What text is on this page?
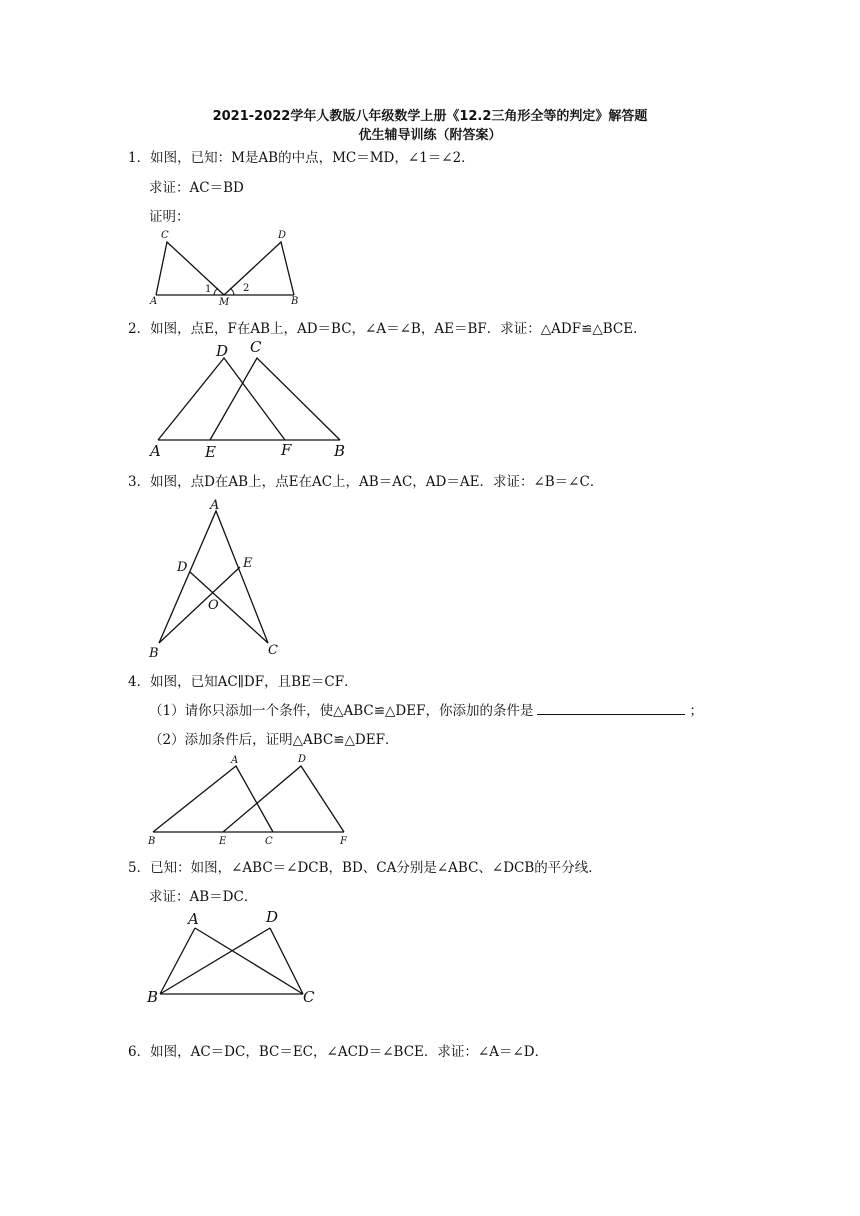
2021-2022学年人教版八年级数学上册《12.2三角形全等的判定》解答题
优生辅导训练（附答案）
1．如图，已知：M是AB的中点，MC＝MD，∠1＝∠2．
求证：AC＝BD
证明：
C	D
A	M	B
1	2
2．如图，点E，F在AB上，AD＝BC，∠A＝∠B，AE＝BF．求证：△ADF≌△BCE．
D C
A	E	F	B
3．如图，点D在AB上，点E在AC上，AB＝AC，AD＝AE．求证：∠B＝∠C．
A
D	E
O
B	C
4．如图，已知AC∥DF，且BE＝CF．
（1）请你只添加一个条件，使△ABC≌△DEF，你添加的条件是	；
（2）添加条件后，证明△ABC≌△DEF．
A	D
B	E	C	F
5．已知：如图，∠ABC＝∠DCB，BD、CA分别是∠ABC、∠DCB的平分线．
求证：AB＝DC．
A	D
B	C
6．如图，AC＝DC，BC＝EC，∠ACD＝∠BCE．求证：∠A＝∠D．
